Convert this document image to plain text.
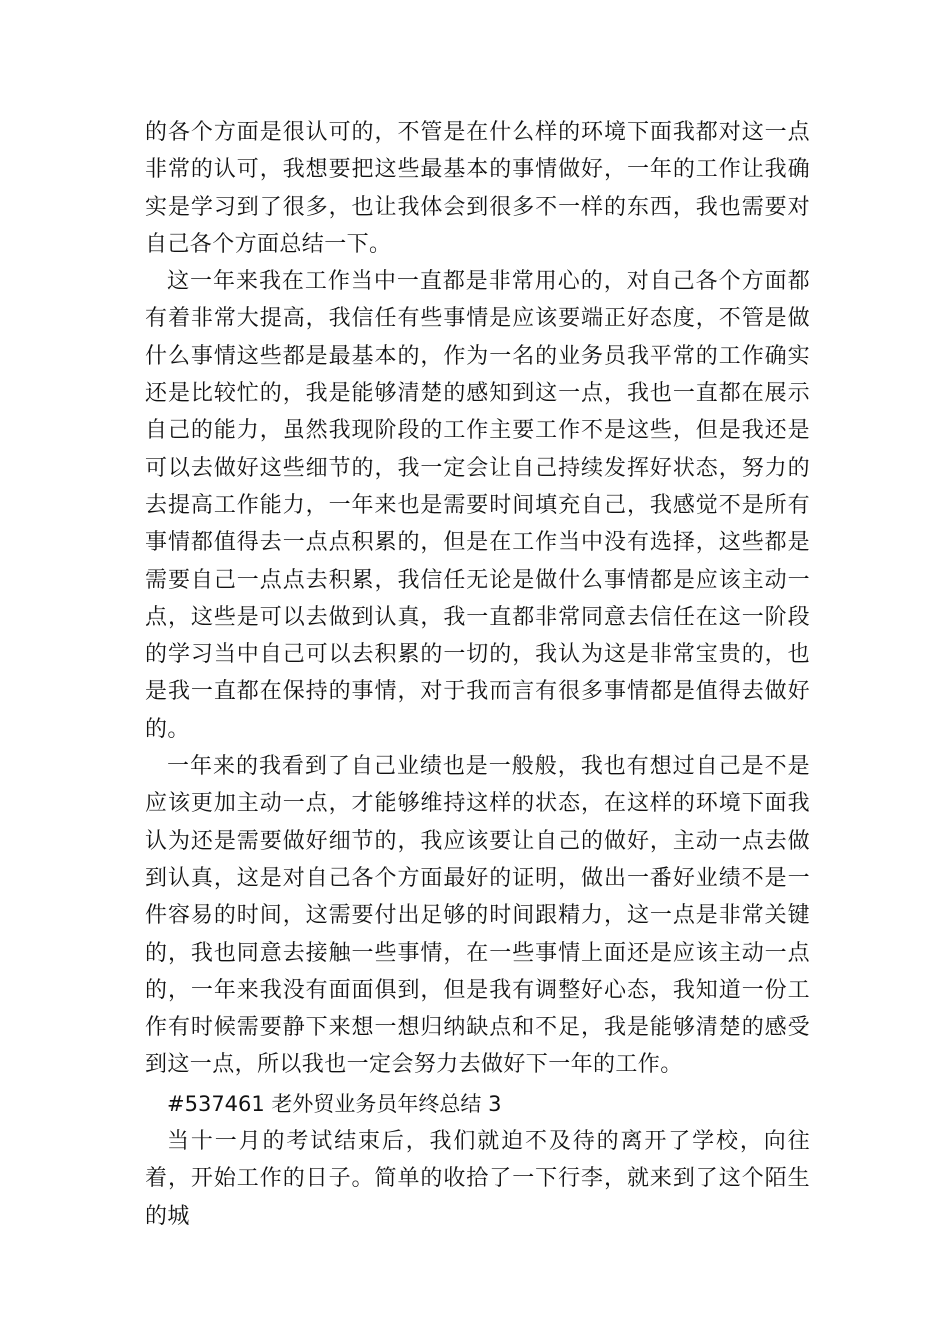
的各个方面是很认可的，不管是在什么样的环境下面我都对这一点非常的认可，我想要把这些最基本的事情做好，一年的工作让我确实是学习到了很多，也让我体会到很多不一样的东西，我也需要对自己各个方面总结一下。

这一年来我在工作当中一直都是非常用心的，对自己各个方面都有着非常大提高，我信任有些事情是应该要端正好态度，不管是做什么事情这些都是最基本的，作为一名的业务员我平常的工作确实还是比较忙的，我是能够清楚的感知到这一点，我也一直都在展示自己的能力，虽然我现阶段的工作主要工作不是这些，但是我还是可以去做好这些细节的，我一定会让自己持续发挥好状态，努力的去提高工作能力，一年来也是需要时间填充自己，我感觉不是所有事情都值得去一点点积累的，但是在工作当中没有选择，这些都是需要自己一点点去积累，我信任无论是做什么事情都是应该主动一点，这些是可以去做到认真，我一直都非常同意去信任在这一阶段的学习当中自己可以去积累的一切的，我认为这是非常宝贵的，也是我一直都在保持的事情，对于我而言有很多事情都是值得去做好的。

一年来的我看到了自己业绩也是一般般，我也有想过自己是不是应该更加主动一点，才能够维持这样的状态，在这样的环境下面我认为还是需要做好细节的，我应该要让自己的做好，主动一点去做到认真，这是对自己各个方面最好的证明，做出一番好业绩不是一件容易的时间，这需要付出足够的时间跟精力，这一点是非常关键的，我也同意去接触一些事情，在一些事情上面还是应该主动一点的，一年来我没有面面俱到，但是我有调整好心态，我知道一份工作有时候需要静下来想一想归纳缺点和不足，我是能够清楚的感受到这一点，所以我也一定会努力去做好下一年的工作。

#537461 老外贸业务员年终总结 3

当十一月的考试结束后，我们就迫不及待的离开了学校，向往着，开始工作的日子。简单的收拾了一下行李，就来到了这个陌生的城
